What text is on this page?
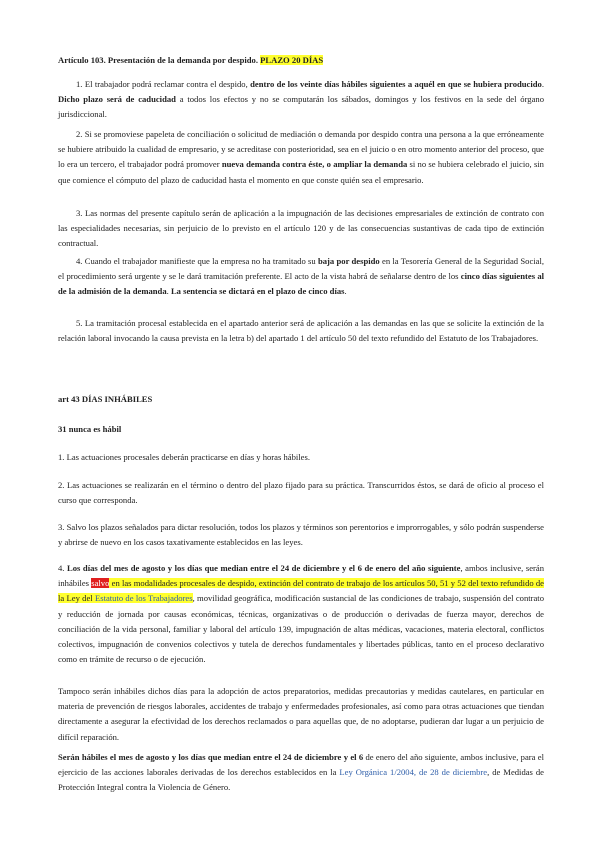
Artículo 103. Presentación de la demanda por despido. PLAZO 20 DÍAS
1. El trabajador podrá reclamar contra el despido, dentro de los veinte días hábiles siguientes a aquél en que se hubiera producido. Dicho plazo será de caducidad a todos los efectos y no se computarán los sábados, domingos y los festivos en la sede del órgano jurisdiccional.
2. Si se promoviese papeleta de conciliación o solicitud de mediación o demanda por despido contra una persona a la que erróneamente se hubiere atribuido la cualidad de empresario, y se acreditase con posterioridad, sea en el juicio o en otro momento anterior del proceso, que lo era un tercero, el trabajador podrá promover nueva demanda contra éste, o ampliar la demanda si no se hubiera celebrado el juicio, sin que comience el cómputo del plazo de caducidad hasta el momento en que conste quién sea el empresario.
3. Las normas del presente capítulo serán de aplicación a la impugnación de las decisiones empresariales de extinción de contrato con las especialidades necesarias, sin perjuicio de lo previsto en el artículo 120 y de las consecuencias sustantivas de cada tipo de extinción contractual.
4. Cuando el trabajador manifieste que la empresa no ha tramitado su baja por despido en la Tesorería General de la Seguridad Social, el procedimiento será urgente y se le dará tramitación preferente. El acto de la vista habrá de señalarse dentro de los cinco días siguientes al de la admisión de la demanda. La sentencia se dictará en el plazo de cinco días.
5. La tramitación procesal establecida en el apartado anterior será de aplicación a las demandas en las que se solicite la extinción de la relación laboral invocando la causa prevista en la letra b) del apartado 1 del artículo 50 del texto refundido del Estatuto de los Trabajadores.
art 43 DÍAS INHÁBILES
31 nunca es hábil
1. Las actuaciones procesales deberán practicarse en días y horas hábiles.
2. Las actuaciones se realizarán en el término o dentro del plazo fijado para su práctica. Transcurridos éstos, se dará de oficio al proceso el curso que corresponda.
3. Salvo los plazos señalados para dictar resolución, todos los plazos y términos son perentorios e improrrogables, y sólo podrán suspenderse y abrirse de nuevo en los casos taxativamente establecidos en las leyes.
4. Los días del mes de agosto y los días que median entre el 24 de diciembre y el 6 de enero del año siguiente, ambos inclusive, serán inhábiles salvo en las modalidades procesales de despido, extinción del contrato de trabajo de los artículos 50, 51 y 52 del texto refundido de la Ley del Estatuto de los Trabajadores, movilidad geográfica, modificación sustancial de las condiciones de trabajo, suspensión del contrato y reducción de jornada por causas económicas, técnicas, organizativas o de producción o derivadas de fuerza mayor, derechos de conciliación de la vida personal, familiar y laboral del artículo 139, impugnación de altas médicas, vacaciones, materia electoral, conflictos colectivos, impugnación de convenios colectivos y tutela de derechos fundamentales y libertades públicas, tanto en el proceso declarativo como en trámite de recurso o de ejecución.
Tampoco serán inhábiles dichos días para la adopción de actos preparatorios, medidas precautorias y medidas cautelares, en particular en materia de prevención de riesgos laborales, accidentes de trabajo y enfermedades profesionales, así como para otras actuaciones que tiendan directamente a asegurar la efectividad de los derechos reclamados o para aquellas que, de no adoptarse, pudieran dar lugar a un perjuicio de difícil reparación.
Serán hábiles el mes de agosto y los días que median entre el 24 de diciembre y el 6 de enero del año siguiente, ambos inclusive, para el ejercicio de las acciones laborales derivadas de los derechos establecidos en la Ley Orgánica 1/2004, de 28 de diciembre, de Medidas de Protección Integral contra la Violencia de Género.
